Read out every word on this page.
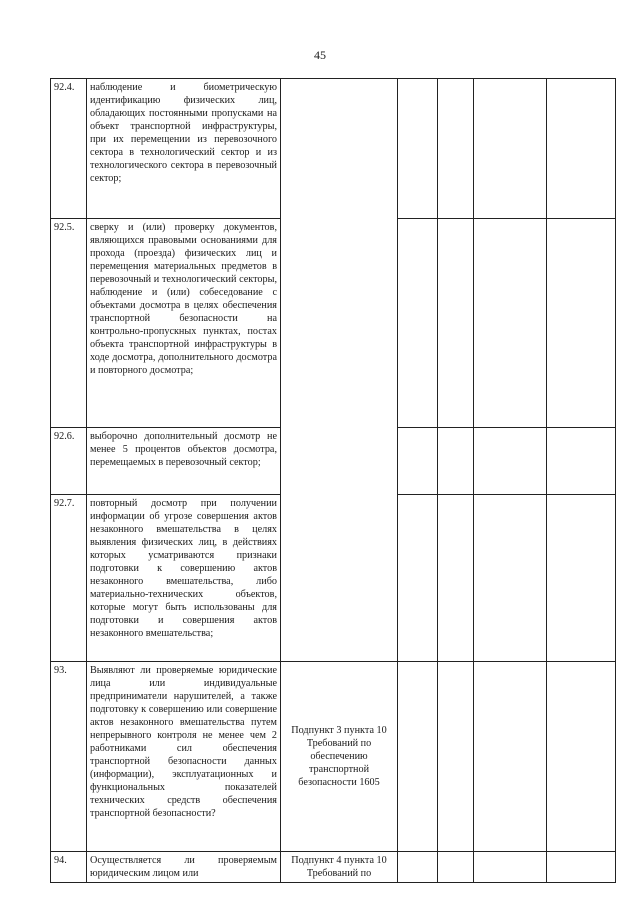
45
92.4.	наблюдение и биометрическую идентификацию физических лиц, обладающих постоянными пропусками на объект транспортной инфраструктуры, при их перемещении из перевозочного сектора в технологический сектор и из технологического сектора в перевозочный сектор;					
92.5.	сверку и (или) проверку документов, являющихся правовыми основаниями для прохода (проезда) физических лиц и перемещения материальных предметов в перевозочный и технологический секторы, наблюдение и (или) собеседование с объектами досмотра в целях обеспечения транспортной безопасности на контрольно-пропускных пунктах, постах объекта транспортной инфраструктуры в ходе досмотра, дополнительного досмотра и повторного досмотра;					
92.6.	выборочно дополнительный досмотр не менее 5 процентов объектов досмотра, перемещаемых в перевозочный сектор;					
92.7.	повторный досмотр при получении информации об угрозе совершения актов незаконного вмешательства в целях выявления физических лиц, в действиях которых усматриваются признаки подготовки к совершению актов незаконного вмешательства, либо материально-технических объектов, которые могут быть использованы для подготовки и совершения актов незаконного вмешательства;					
93.	Выявляют ли проверяемые юридические лица или индивидуальные предприниматели нарушителей, а также подготовку к совершению или совершение актов незаконного вмешательства путем непрерывного контроля не менее чем 2 работниками сил обеспечения транспортной безопасности данных (информации), эксплуатационных и функциональных показателей технических средств обеспечения транспортной безопасности?	Подпункт 3 пункта 10 Требований по обеспечению транспортной безопасности 1605				
94.	Осуществляется ли проверяемым юридическим лицом или	Подпункт 4 пункта 10 Требований по				
